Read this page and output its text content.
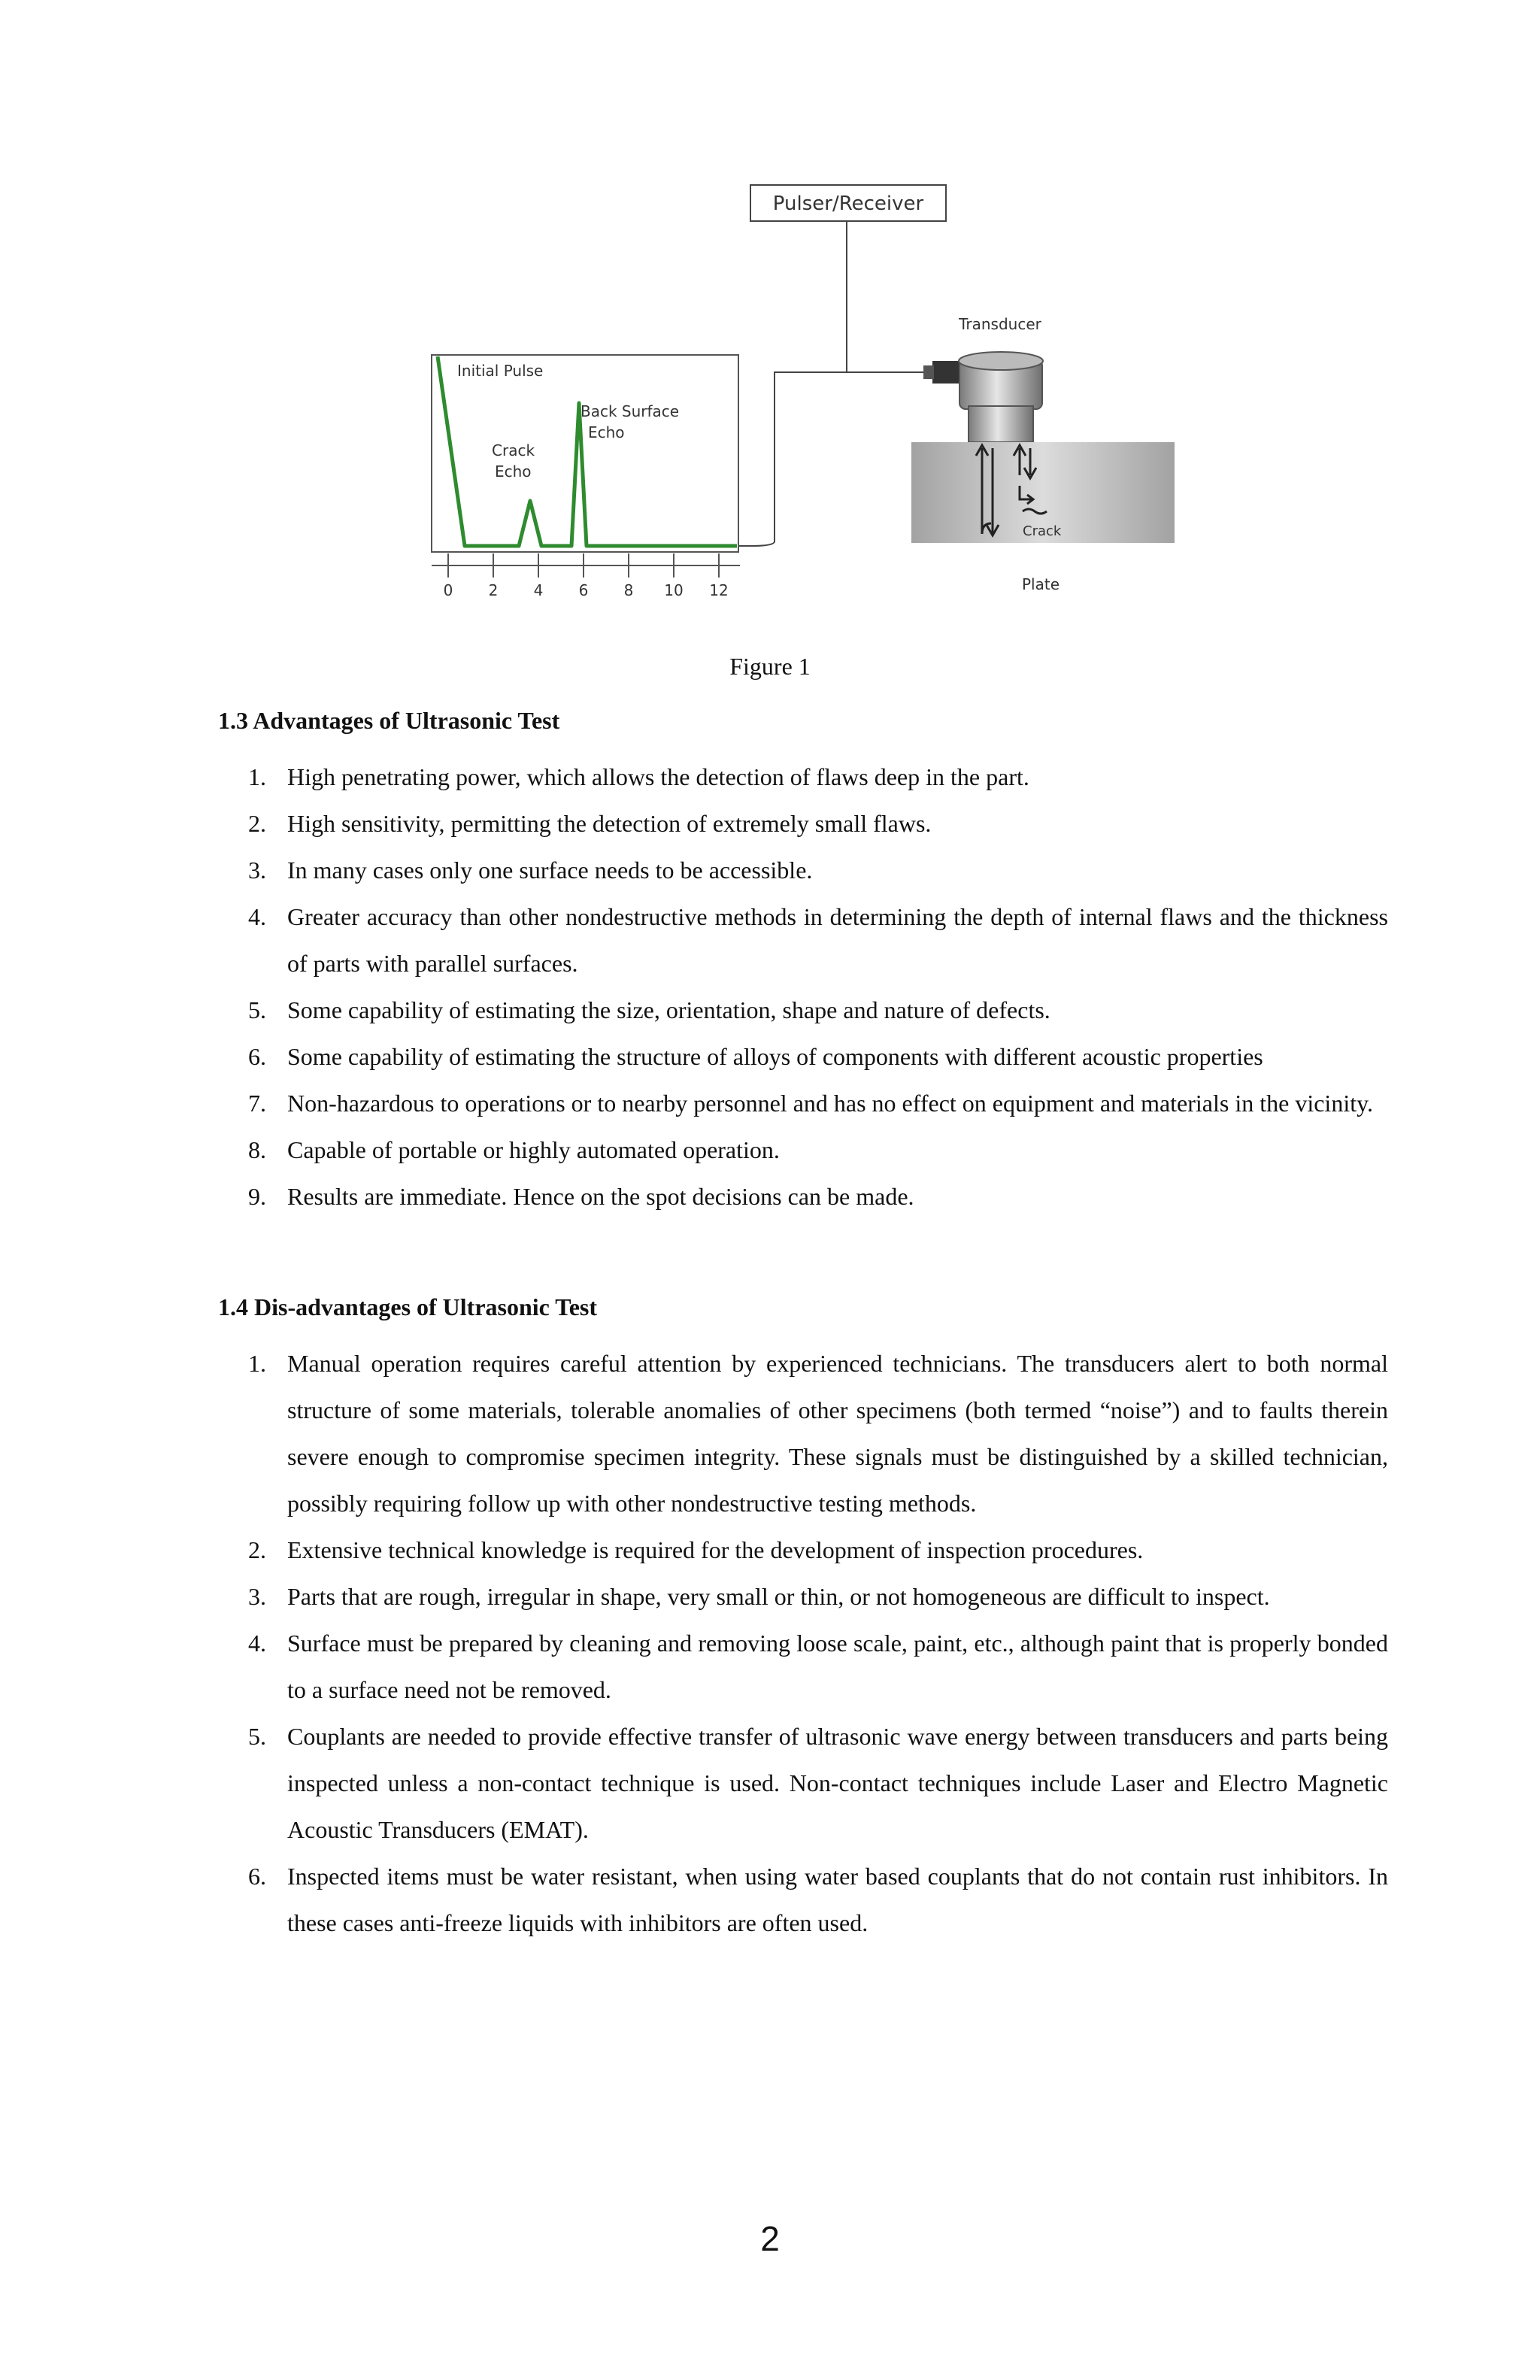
Pulser/Receiver
Initial Pulse
Back Surface
Echo
Crack
Echo
0 2 4 6 8 10 12
Transducer
Crack
Plate
Figure 1
1.3 Advantages of Ultrasonic Test
1. High penetrating power, which allows the detection of flaws deep in the part.
2. High sensitivity, permitting the detection of extremely small flaws.
3. In many cases only one surface needs to be accessible.
4. Greater accuracy than other nondestructive methods in determining the depth of internal flaws and the thickness of parts with parallel surfaces.
5. Some capability of estimating the size, orientation, shape and nature of defects.
6. Some capability of estimating the structure of alloys of components with different acoustic properties
7. Non-hazardous to operations or to nearby personnel and has no effect on equipment and materials in the vicinity.
8. Capable of portable or highly automated operation.
9. Results are immediate. Hence on the spot decisions can be made.
1.4 Dis-advantages of Ultrasonic Test
1. Manual operation requires careful attention by experienced technicians. The transducers alert to both normal structure of some materials, tolerable anomalies of other specimens (both termed “noise”) and to faults therein severe enough to compromise specimen integrity. These signals must be distinguished by a skilled technician, possibly requiring follow up with other nondestructive testing methods.
2. Extensive technical knowledge is required for the development of inspection procedures.
3. Parts that are rough, irregular in shape, very small or thin, or not homogeneous are difficult to inspect.
4. Surface must be prepared by cleaning and removing loose scale, paint, etc., although paint that is properly bonded to a surface need not be removed.
5. Couplants are needed to provide effective transfer of ultrasonic wave energy between transducers and parts being inspected unless a non-contact technique is used. Non-contact techniques include Laser and Electro Magnetic Acoustic Transducers (EMAT).
6. Inspected items must be water resistant, when using water based couplants that do not contain rust inhibitors. In these cases anti-freeze liquids with inhibitors are often used.
2
